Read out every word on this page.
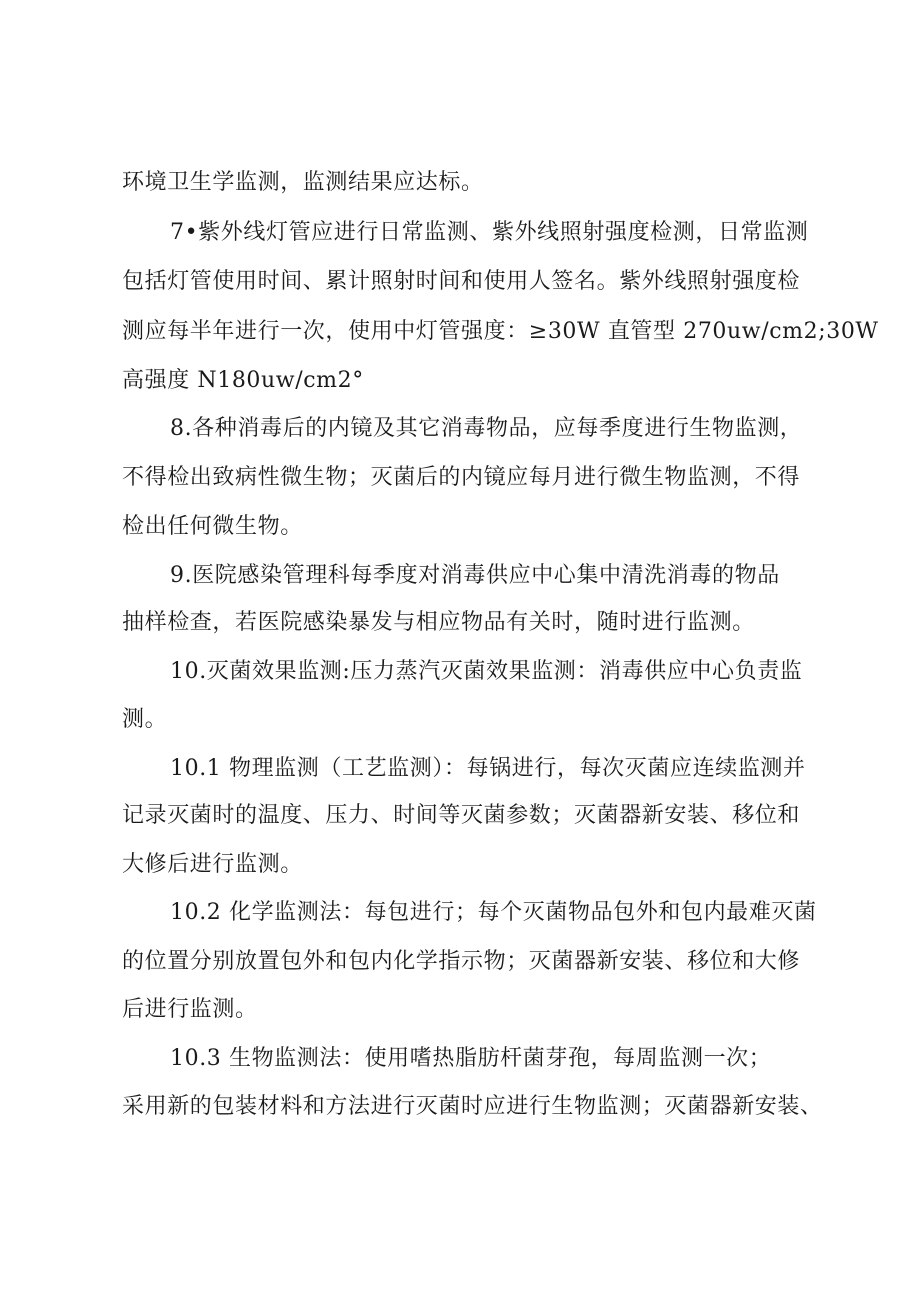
环境卫生学监测，监测结果应达标。
7•紫外线灯管应进行日常监测、紫外线照射强度检测，日常监测
包括灯管使用时间、累计照射时间和使用人签名。紫外线照射强度检
测应每半年进行一次，使用中灯管强度：≥30W 直管型 270uw/cm2;30W
高强度 N180uw/cm2°
8.各种消毒后的内镜及其它消毒物品，应每季度进行生物监测，
不得检出致病性微生物；灭菌后的内镜应每月进行微生物监测，不得
检出任何微生物。
9.医院感染管理科每季度对消毒供应中心集中清洗消毒的物品
抽样检查，若医院感染暴发与相应物品有关时，随时进行监测。
10.灭菌效果监测:压力蒸汽灭菌效果监测：消毒供应中心负责监
测。
10.1 物理监测（工艺监测）：每锅进行，每次灭菌应连续监测并
记录灭菌时的温度、压力、时间等灭菌参数；灭菌器新安装、移位和
大修后进行监测。
10.2 化学监测法：每包进行；每个灭菌物品包外和包内最难灭菌
的位置分别放置包外和包内化学指示物；灭菌器新安装、移位和大修
后进行监测。
10.3 生物监测法：使用嗜热脂肪杆菌芽孢，每周监测一次；
采用新的包装材料和方法进行灭菌时应进行生物监测；灭菌器新安装、
